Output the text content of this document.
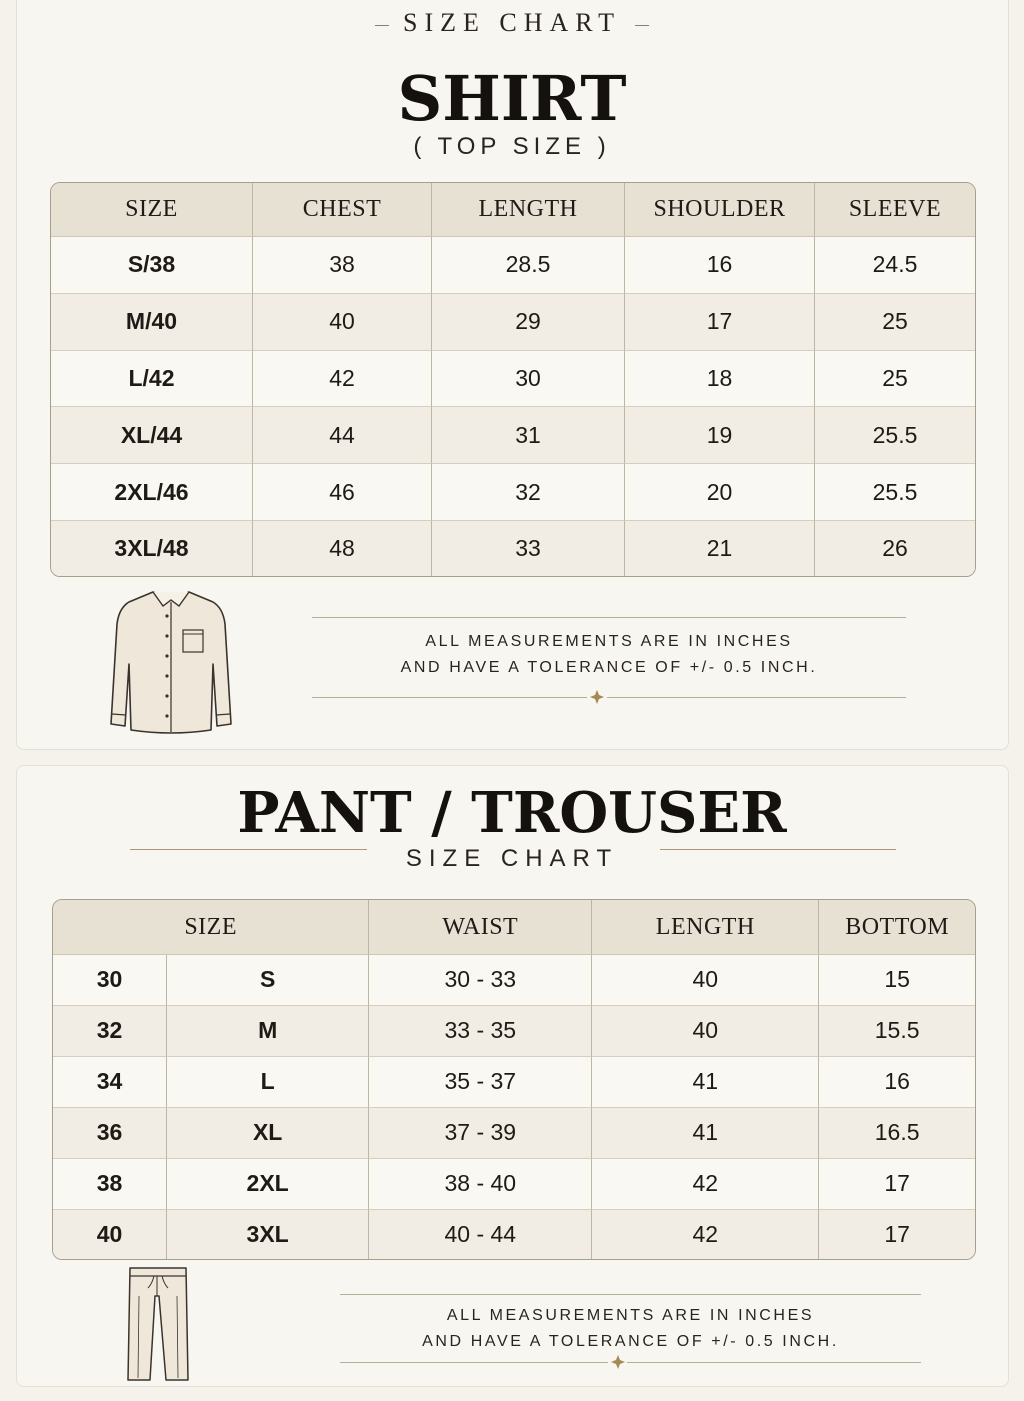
SIZE CHART
SHIRT
( TOP SIZE )
SIZE	CHEST	LENGTH	SHOULDER	SLEEVE
S/38	38	28.5	16	24.5
M/40	40	29	17	25
L/42	42	30	18	25
XL/44	44	31	19	25.5
2XL/46	46	32	20	25.5
3XL/48	48	33	21	26
ALL MEASUREMENTS ARE IN INCHES
AND HAVE A TOLERANCE OF +/- 0.5 INCH.
PANT / TROUSER
SIZE CHART
SIZE		WAIST	LENGTH	BOTTOM
30	S	30 - 33	40	15
32	M	33 - 35	40	15.5
34	L	35 - 37	41	16
36	XL	37 - 39	41	16.5
38	2XL	38 - 40	42	17
40	3XL	40 - 44	42	17
ALL MEASUREMENTS ARE IN INCHES
AND HAVE A TOLERANCE OF +/- 0.5 INCH.
